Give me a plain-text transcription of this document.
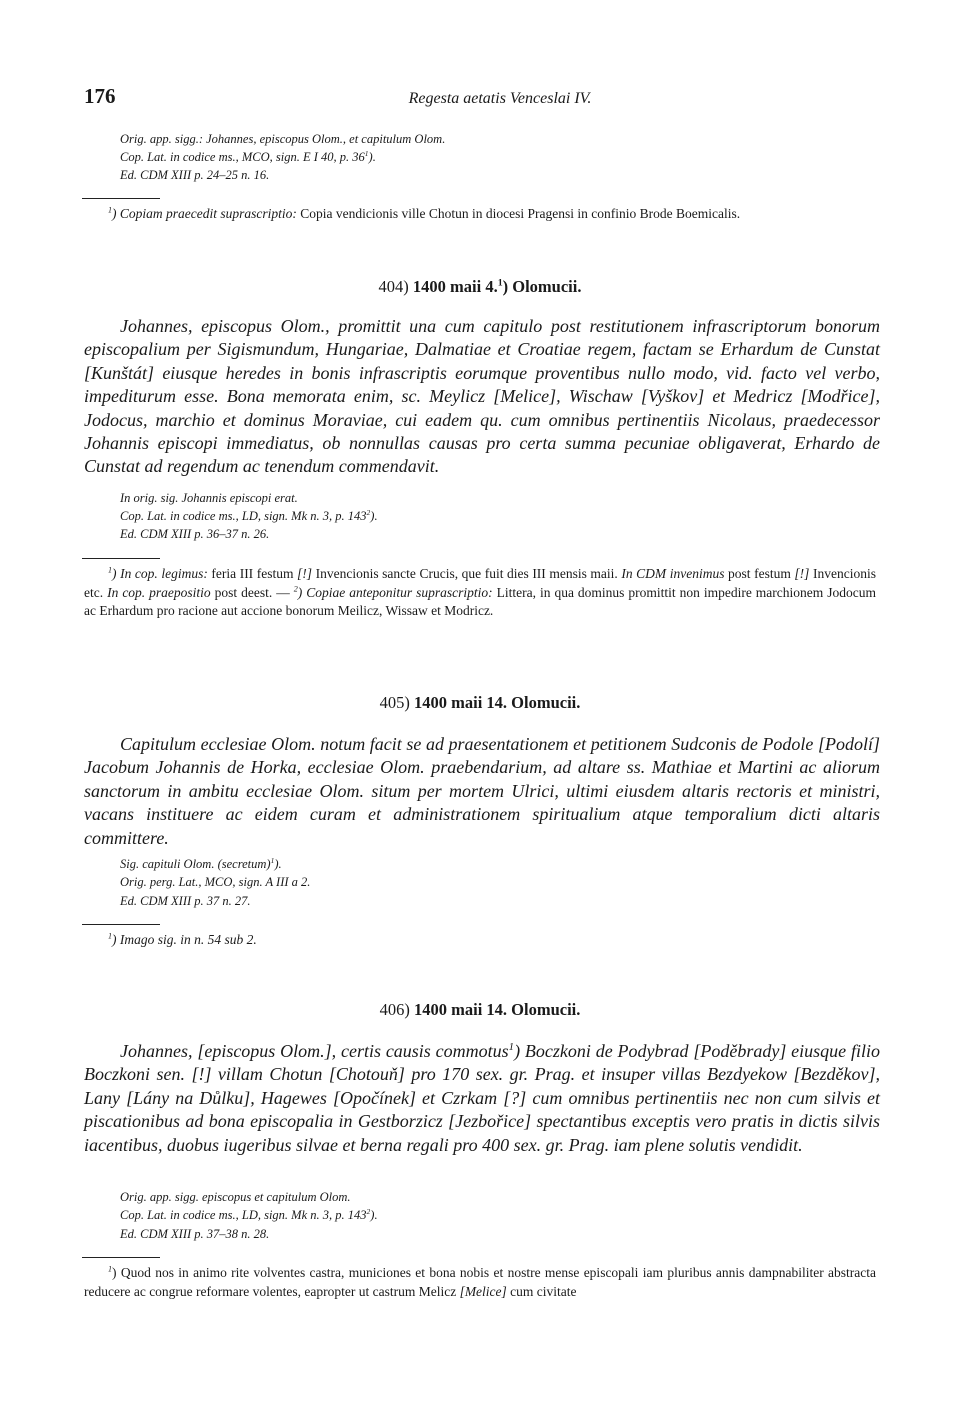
176	Regesta aetatis Venceslai IV.
Orig. app. sigg.: Johannes, episcopus Olom., et capitulum Olom.
Cop. Lat. in codice ms., MCO, sign. E I 40, p. $36^1$).
Ed. CDM XIII p. 24–25 n. 16.
$^1$) Copiam praecedit suprascriptio: Copia vendicionis ville Chotun in diocesi Pragensi in confinio Brode Boemicalis.
404) 1400 maii 4.$^1$) Olomucii.

Johannes, episcopus Olom., promittit una cum capitulo post restitutionem infrascriptorum bonorum episcopalium per Sigismundum, Hungariae, Dalmatiae et Croatiae regem, factam se Erhardum de Cunstat [Kunštát] eiusque heredes in bonis infrascriptis eorumque proventibus nullo modo, vid. facto vel verbo, impediturum esse. Bona memorata enim, sc. Meylicz [Melice], Wischaw [Vyškov] et Medricz [Modřice], Jodocus, marchio et dominus Moraviae, cui eadem qu. cum omnibus pertinentiis Nicolaus, praedecessor Johannis episcopi immediatus, ob nonnullas causas pro certa summa pecuniae obligaverat, Erhardo de Cunstat ad regendum ac tenendum commendavit.

In orig. sig. Johannis episcopi erat.
Cop. Lat. in codice ms., LD, sign. Mk n. 3, p. $143^2$).
Ed. CDM XIII p. 36–37 n. 26.
$^1$) In cop. legimus: feria III festum [!] Invencionis sancte Crucis, que fuit dies III mensis maii. In CDM invenimus post festum [!] Invencionis etc. In cop. praepositio post deest. — $^2$) Copiae anteponitur suprascriptio: Littera, in qua dominus promittit non impedire marchionem Jodocum ac Erhardum pro racione aut accione bonorum Meilicz, Wissaw et Modricz.
405) 1400 maii 14. Olomucii.

Capitulum ecclesiae Olom. notum facit se ad praesentationem et petitionem Sudconis de Podole [Podolí] Jacobum Johannis de Horka, ecclesiae Olom. praebendarium, ad altare ss. Mathiae et Martini ac aliorum sanctorum in ambitu ecclesiae Olom. situm per mortem Ulrici, ultimi eiusdem altaris rectoris et ministri, vacans instituere ac eidem curam et administrationem spiritualium atque temporalium dicti altaris committere.

Sig. capituli Olom. (secretum)$^1$).
Orig. perg. Lat., MCO, sign. A III a 2.
Ed. CDM XIII p. 37 n. 27.
$^1$) Imago sig. in n. 54 sub 2.
406) 1400 maii 14. Olomucii.

Johannes, [episcopus Olom.], certis causis commotus$^1$) Boczkoni de Podybrad [Poděbrady] eiusque filio Boczkoni sen. [!] villam Chotun [Chotouň] pro 170 sex. gr. Prag. et insuper villas Bezdyekow [Bezděkov], Lany [Lány na Důlku], Hagewes [Opočínek] et Czrkam [?] cum omnibus pertinentiis nec non cum silvis et piscationibus ad bona episcopalia in Gestborzicz [Jezbořice] spectantibus exceptis vero pratis in dictis silvis iacentibus, duobus iugeribus silvae et berna regali pro 400 sex. gr. Prag. iam plene solutis vendidit.

Orig. app. sigg. episcopus et capitulum Olom.
Cop. Lat. in codice ms., LD, sign. Mk n. 3, p. $143^2$).
Ed. CDM XIII p. 37–38 n. 28.
$^1$) Quod nos in animo rite volventes castra, municiones et bona nobis et nostre mense episcopali iam pluribus annis dampnabiliter abstracta reducere ac congrue reformare volentes, eapropter ut castrum Melicz [Melice] cum civitate
